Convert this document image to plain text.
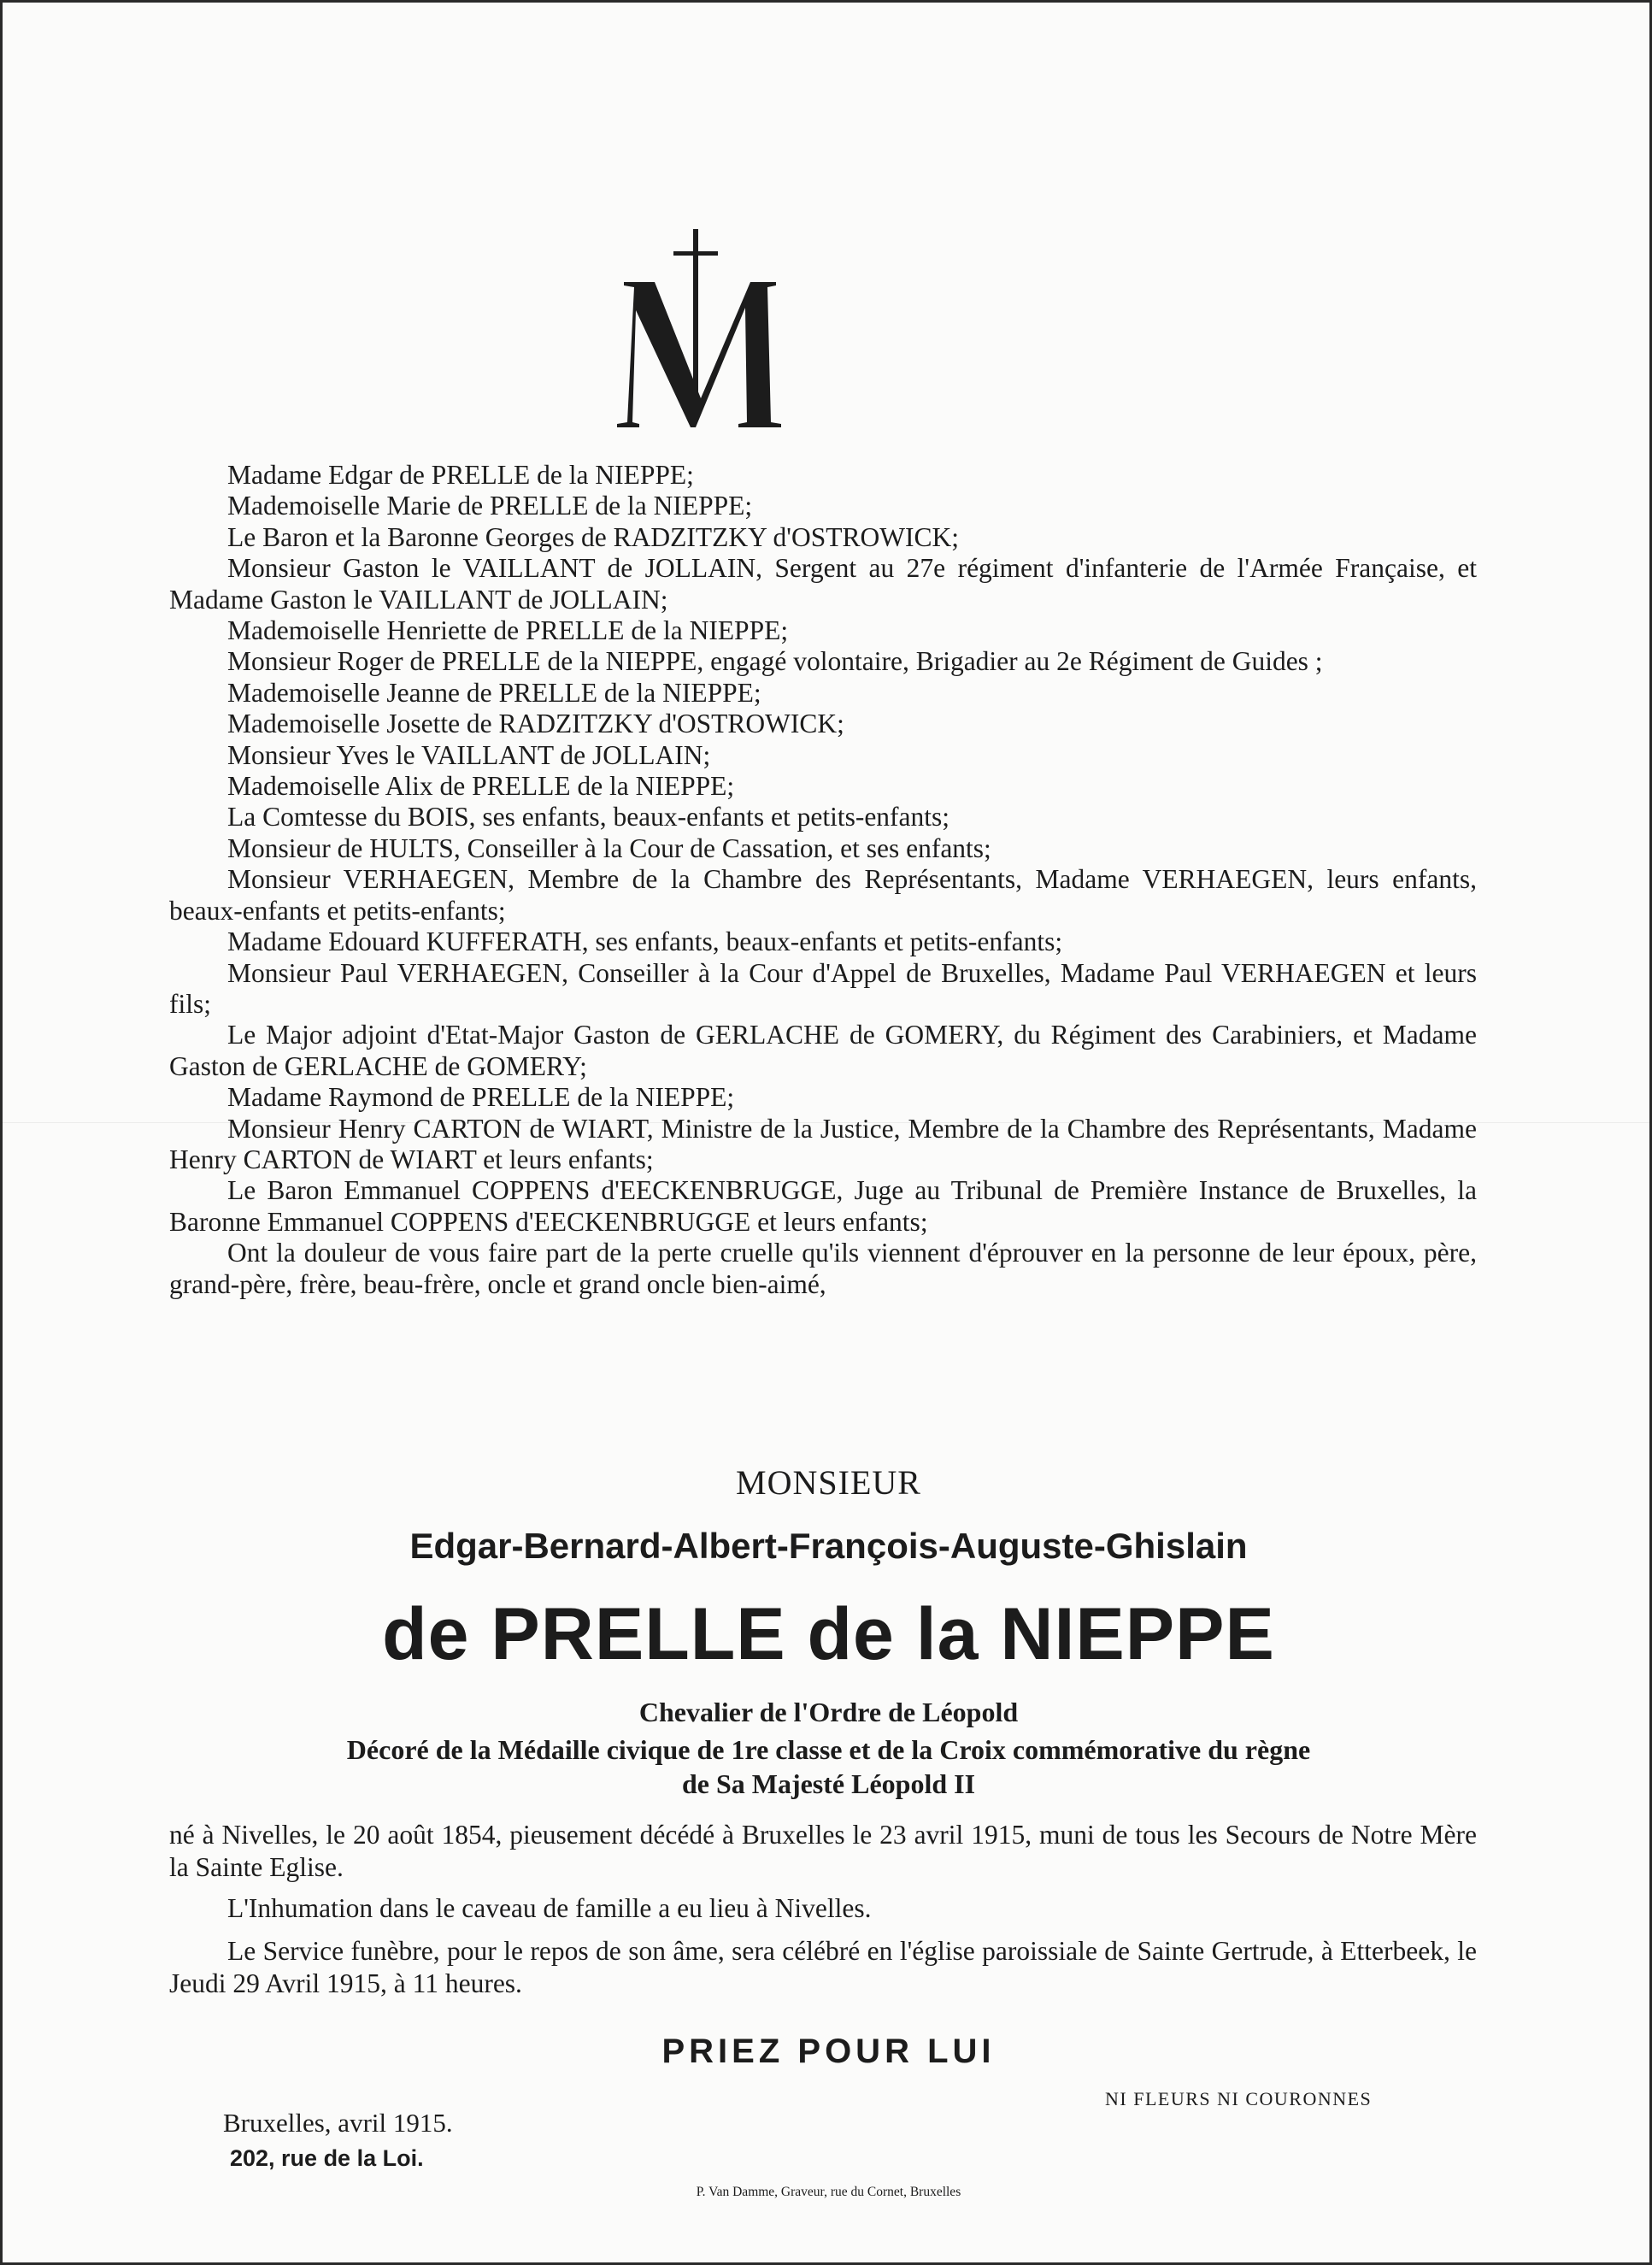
Madame Edgar de PRELLE de la NIEPPE;

Mademoiselle Marie de PRELLE de la NIEPPE;

Le Baron et la Baronne Georges de RADZITZKY d'OSTROWICK;

Monsieur Gaston le VAILLANT de JOLLAIN, Sergent au 27e régiment d'infanterie de l'Armée Française, et Madame Gaston le VAILLANT de JOLLAIN;

Mademoiselle Henriette de PRELLE de la NIEPPE;

Monsieur Roger de PRELLE de la NIEPPE, engagé volontaire, Brigadier au 2e Régiment de Guides ;

Mademoiselle Jeanne de PRELLE de la NIEPPE;

Mademoiselle Josette de RADZITZKY d'OSTROWICK;

Monsieur Yves le VAILLANT de JOLLAIN;

Mademoiselle Alix de PRELLE de la NIEPPE;

La Comtesse du BOIS, ses enfants, beaux-enfants et petits-enfants;

Monsieur de HULTS, Conseiller à la Cour de Cassation, et ses enfants;

Monsieur VERHAEGEN, Membre de la Chambre des Représentants, Madame VERHAEGEN, leurs enfants, beaux-enfants et petits-enfants;

Madame Edouard KUFFERATH, ses enfants, beaux-enfants et petits-enfants;

Monsieur Paul VERHAEGEN, Conseiller à la Cour d'Appel de Bruxelles, Madame Paul VERHAEGEN et leurs fils;

Le Major adjoint d'Etat-Major Gaston de GERLACHE de GOMERY, du Régiment des Carabiniers, et Madame Gaston de GERLACHE de GOMERY;

Madame Raymond de PRELLE de la NIEPPE;

Monsieur Henry CARTON de WIART, Ministre de la Justice, Membre de la Chambre des Représentants, Madame Henry CARTON de WIART et leurs enfants;

Le Baron Emmanuel COPPENS d'EECKENBRUGGE, Juge au Tribunal de Première Instance de Bruxelles, la Baronne Emmanuel COPPENS d'EECKENBRUGGE et leurs enfants;

Ont la douleur de vous faire part de la perte cruelle qu'ils viennent d'éprouver en la personne de leur époux, père, grand-père, frère, beau-frère, oncle et grand oncle bien-aimé,

MONSIEUR
Edgar-Bernard-Albert-François-Auguste-Ghislain
de PRELLE de la NIEPPE
Chevalier de l'Ordre de Léopold
Décoré de la Médaille civique de 1re classe et de la Croix commémorative du règne
de Sa Majesté Léopold II

né à Nivelles, le 20 août 1854, pieusement décédé à Bruxelles le 23 avril 1915, muni de tous les Secours de Notre Mère la Sainte Eglise.

L'Inhumation dans le caveau de famille a eu lieu à Nivelles.

Le Service funèbre, pour le repos de son âme, sera célébré en l'église paroissiale de Sainte Gertrude, à Etterbeek, le Jeudi 29 Avril 1915, à 11 heures.

PRIEZ POUR LUI
NI FLEURS NI COURONNES
Bruxelles, avril 1915.
202, rue de la Loi.
P. Van Damme, Graveur, rue du Cornet, Bruxelles
